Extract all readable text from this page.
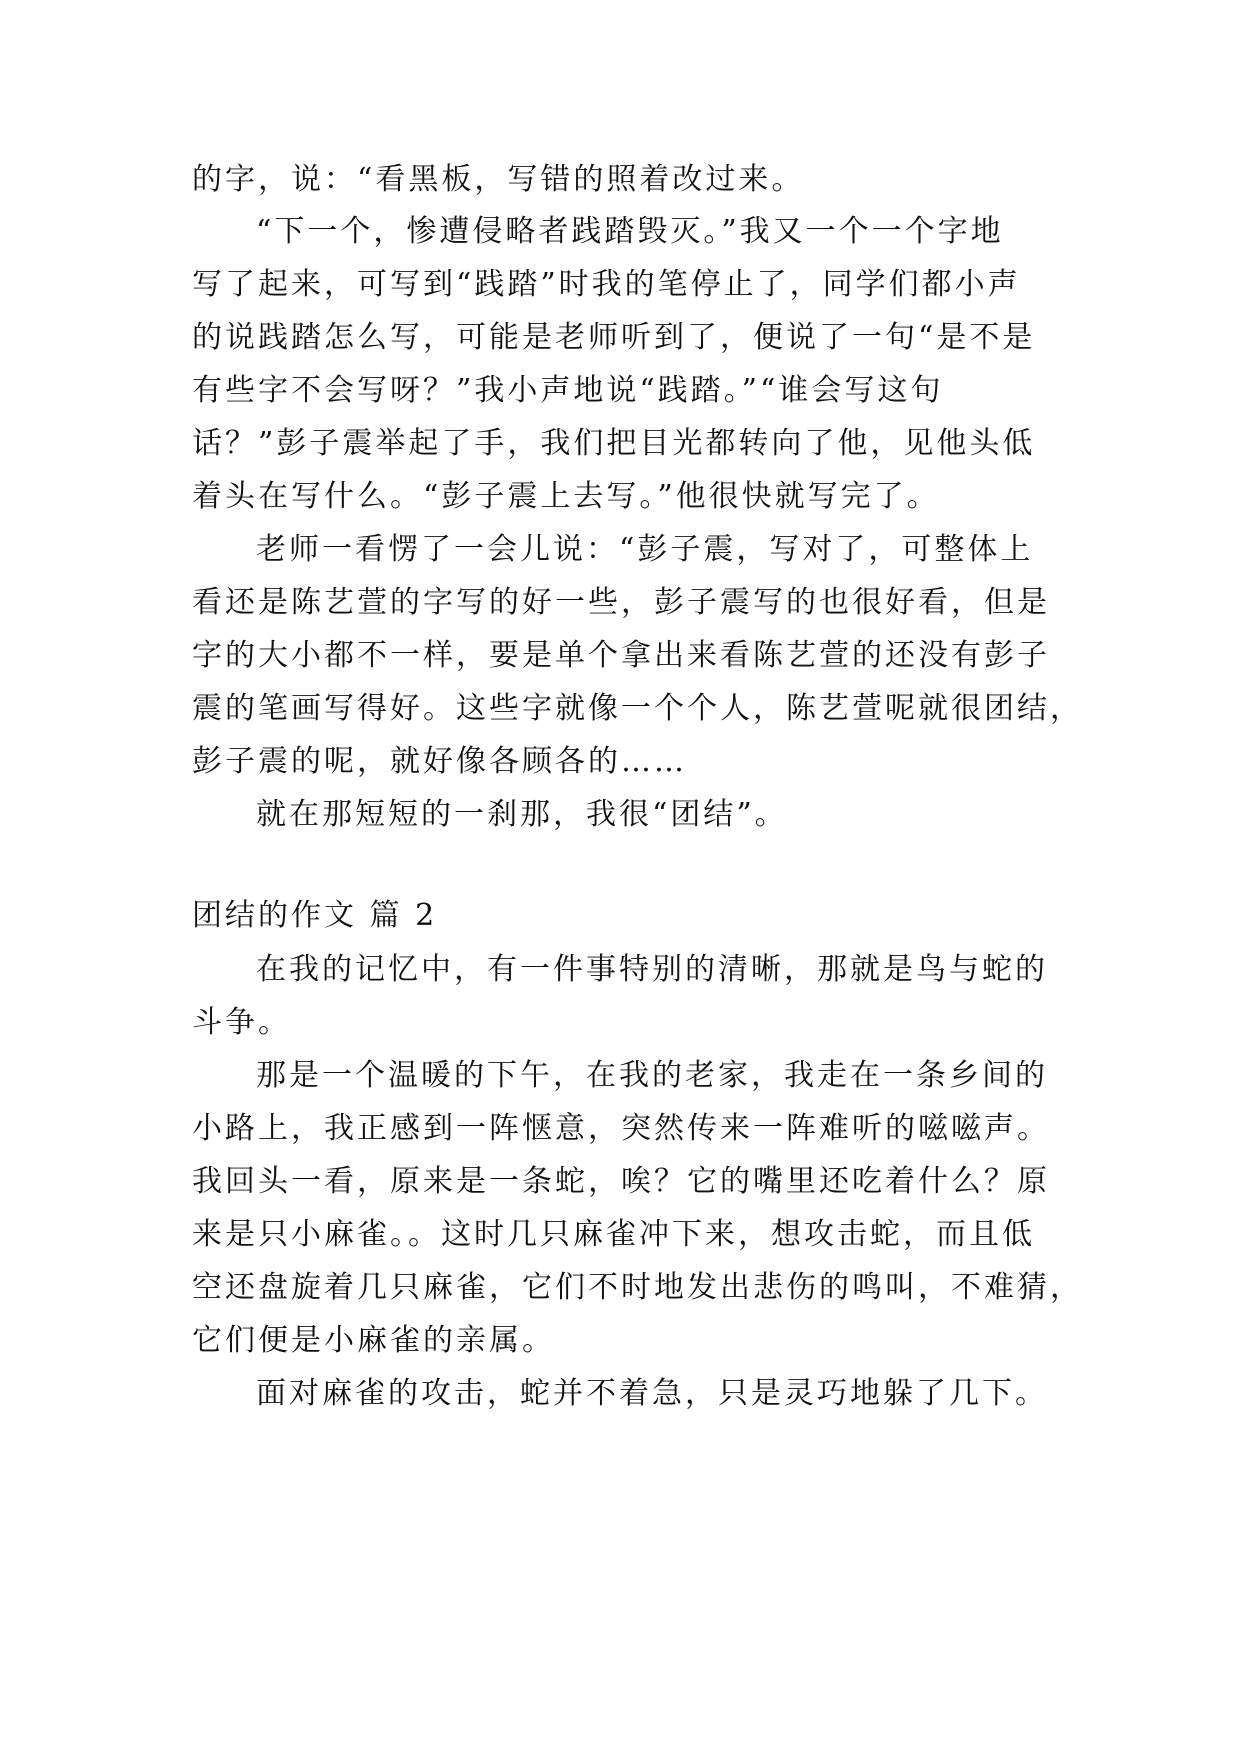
的字，说：“看黑板，写错的照着改过来。
“下一个，惨遭侵略者践踏毁灭。”我又一个一个字地
写了起来，可写到“践踏”时我的笔停止了，同学们都小声
的说践踏怎么写，可能是老师听到了，便说了一句“是不是
有些字不会写呀？”我小声地说“践踏。”“谁会写这句
话？”彭子震举起了手，我们把目光都转向了他，见他头低
着头在写什么。“彭子震上去写。”他很快就写完了。
老师一看愣了一会儿说：“彭子震，写对了，可整体上
看还是陈艺萱的字写的好一些，彭子震写的也很好看，但是
字的大小都不一样，要是单个拿出来看陈艺萱的还没有彭子
震的笔画写得好。这些字就像一个个人，陈艺萱呢就很团结，
彭子震的呢，就好像各顾各的……
就在那短短的一刹那，我很“团结”。
团结的作文 篇 2
在我的记忆中，有一件事特别的清晰，那就是鸟与蛇的
斗争。
那是一个温暖的下午，在我的老家，我走在一条乡间的
小路上，我正感到一阵惬意，突然传来一阵难听的嗞嗞声。
我回头一看，原来是一条蛇，唉？它的嘴里还吃着什么？原
来是只小麻雀。。这时几只麻雀冲下来，想攻击蛇，而且低
空还盘旋着几只麻雀，它们不时地发出悲伤的鸣叫，不难猜，
它们便是小麻雀的亲属。
面对麻雀的攻击，蛇并不着急，只是灵巧地躲了几下。
